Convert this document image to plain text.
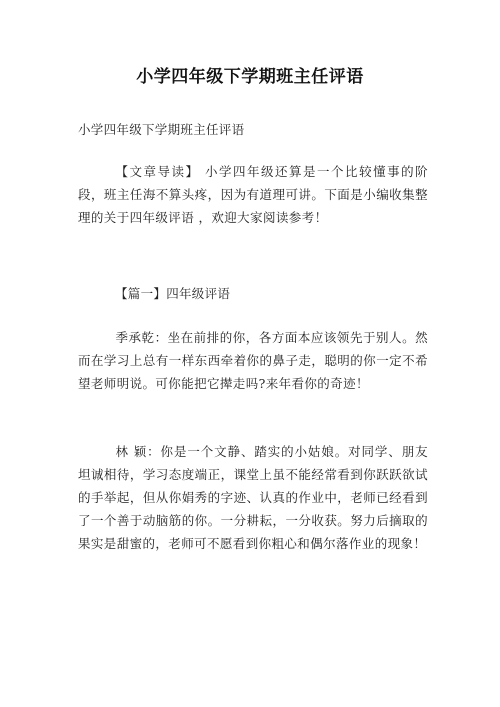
小学四年级下学期班主任评语
小学四年级下学期班主任评语
【文章导读】 小学四年级还算是一个比较懂事的阶段，班主任海不算头疼，因为有道理可讲。下面是小编收集整理的关于四年级评语 ，欢迎大家阅读参考！
【篇一】四年级评语
季承乾：坐在前排的你，各方面本应该领先于别人。然而在学习上总有一样东西牵着你的鼻子走，聪明的你一定不希望老师明说。可你能把它撵走吗?来年看你的奇迹！
林 颖：你是一个文静、踏实的小姑娘。对同学、朋友坦诚相待，学习态度端正，课堂上虽不能经常看到你跃跃欲试的手举起，但从你娟秀的字迹、认真的作业中，老师已经看到了一个善于动脑筋的你。一分耕耘，一分收获。努力后摘取的果实是甜蜜的，老师可不愿看到你粗心和偶尔落作业的现象！
